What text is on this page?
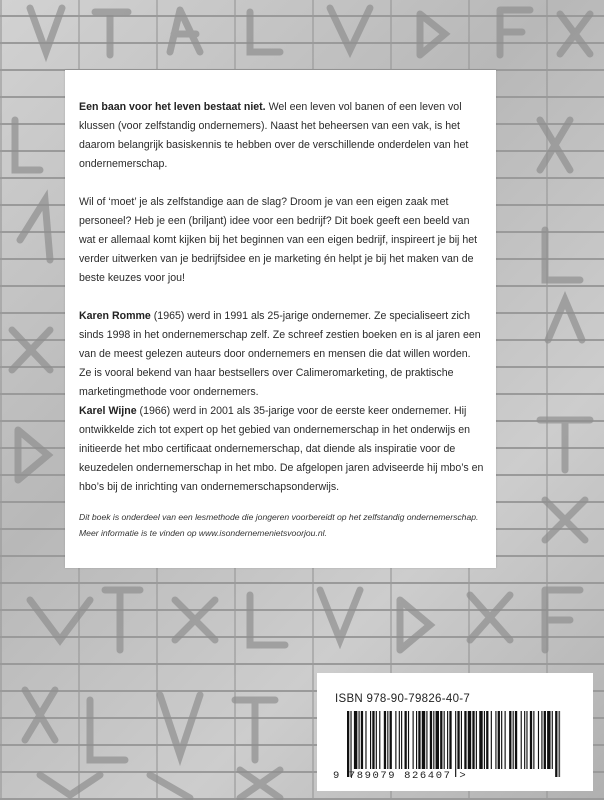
Een baan voor het leven bestaat niet. Wel een leven vol banen of een leven vol klussen (voor zelfstandig ondernemers). Naast het beheersen van een vak, is het daarom belangrijk basiskennis te hebben over de verschillende onderdelen van het ondernemerschap.

Wil of ‘moet’ je als zelfstandige aan de slag? Droom je van een eigen zaak met personeel? Heb je een (briljant) idee voor een bedrijf? Dit boek geeft een beeld van wat er allemaal komt kijken bij het beginnen van een eigen bedrijf, inspireert je bij het verder uitwerken van je bedrijfsidee en je marketing én helpt je bij het maken van de beste keuzes voor jou!

Karen Romme (1965) werd in 1991 als 25-jarige ondernemer. Ze specialiseert zich sinds 1998 in het ondernemerschap zelf. Ze schreef zestien boeken en is al jaren een van de meest gelezen auteurs door ondernemers en mensen die dat willen worden. Ze is vooral bekend van haar bestsellers over Calimeromarketing, de praktische marketingmethode voor ondernemers.

Karel Wijne (1966) werd in 2001 als 35-jarige voor de eerste keer ondernemer. Hij ontwikkelde zich tot expert op het gebied van ondernemerschap in het onderwijs en initieerde het mbo certificaat ondernemerschap, dat diende als inspiratie voor de keuzedelen ondernemerschap in het mbo. De afgelopen jaren adviseerde hij mbo’s en hbo’s bij de inrichting van ondernemerschapsonderwijs.

Dit boek is onderdeel van een lesmethode die jongeren voorbereidt op het zelfstandig ondernemerschap. Meer informatie is te vinden op www.isondernemenietsvoorjou.nl.

ISBN 978-90-79826-40-7
9 789079 826407 >
